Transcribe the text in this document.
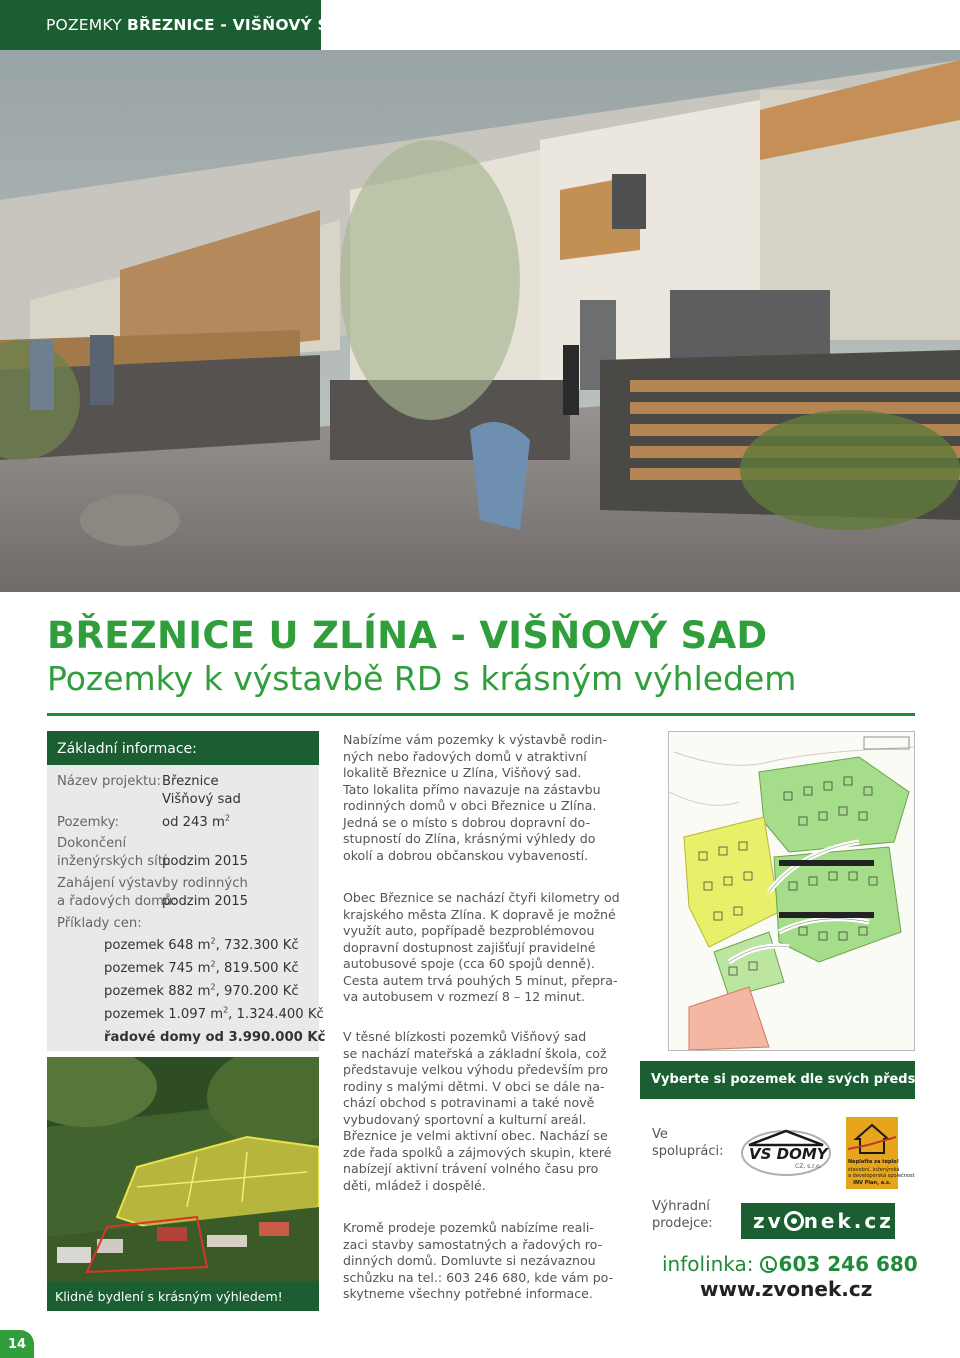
POZEMKY BŘEZNICE - VIŠŇOVÝ SAD
BŘEZNICE U ZLÍNA - VIŠŇOVÝ SAD
Pozemky k výstavbě RD s krásným výhledem
Základní informace:
Název projektu: Březnice
Višňový sad
Pozemky:	od 243 $m^2$
Dokončení
inženýrských sítí:
podzim 2015
Zahájení výstavby rodinných
a řadových domů:
podzim 2015
Příklady cen:
pozemek 648 $m^2$, 732.300 Kč
pozemek 745 $m^2$, 819.500 Kč
pozemek 882 $m^2$, 970.200 Kč
pozemek 1.097 $m^2$, 1.324.400 Kč
řadové domy od 3.990.000 Kč
Klidné bydlení s krásným výhledem!
Nabízíme vám pozemky k výstavbě rodin-
ných nebo řadových domů v atraktivní
lokalitě Březnice u Zlína, Višňový sad.
Tato lokalita přímo navazuje na zástavbu
rodinných domů v obci Březnice u Zlína.
Jedná se o místo s dobrou dopravní do-
stupností do Zlína, krásnými výhledy do
okolí a dobrou občanskou vybaveností.
Obec Březnice se nachází čtyři kilometry od
krajského města Zlína. K dopravě je možné
využít auto, popřípadě bezproblémovou
dopravní dostupnost zajišťují pravidelné
autobusové spoje (cca 60 spojů denně).
Cesta autem trvá pouhých 5 minut, přepra-
va autobusem v rozmezí 8 – 12 minut.
V těsné blízkosti pozemků Višňový sad
se nachází mateřská a základní škola, což
představuje velkou výhodu především pro
rodiny s malými dětmi. V obci se dále na-
chází obchod s potravinami a také nově
vybudovaný sportovní a kulturní areál.
Březnice je velmi aktivní obec. Nachází se
zde řada spolků a zájmových skupin, které
nabízejí aktivní trávení volného času pro
děti, mládež i dospělé.
Kromě prodeje pozemků nabízíme reali-
zaci stavby samostatných a řadových ro-
dinných domů. Domluvte si nezávaznou
schůzku na tel.: 603 246 680, kde vám po-
skytneme všechny potřebné informace.
Vyberte si pozemek dle svých představ
Ve
spolupráci: VS DOMY
CZ, s.r.o.
Neplaťte za teplo!
stavební, inženýrská
a developerská společnost
INV Plan, a.s.
Výhradní
prodejce:	zv nek.cz
infolinka: 603 246 680
www.zvonek.cz
14
